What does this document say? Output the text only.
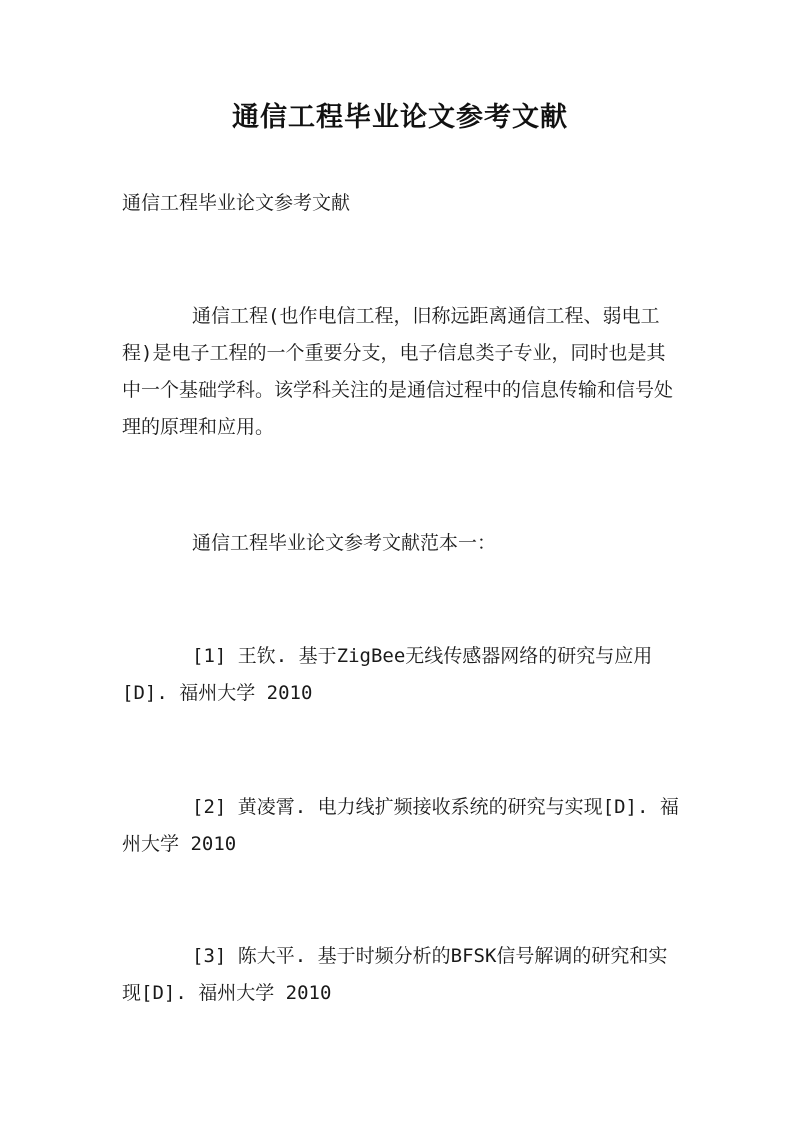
通信工程毕业论文参考文献
通信工程毕业论文参考文献
通信工程(也作电信工程，旧称远距离通信工程、弱电工程)是电子工程的一个重要分支，电子信息类子专业，同时也是其中一个基础学科。该学科关注的是通信过程中的信息传输和信号处理的原理和应用。
通信工程毕业论文参考文献范本一：
[1] 王钦. 基于ZigBee无线传感器网络的研究与应用[D]. 福州大学 2010
[2] 黄凌霄. 电力线扩频接收系统的研究与实现[D]. 福州大学 2010
[3] 陈大平. 基于时频分析的BFSK信号解调的研究和实现[D]. 福州大学 2010
